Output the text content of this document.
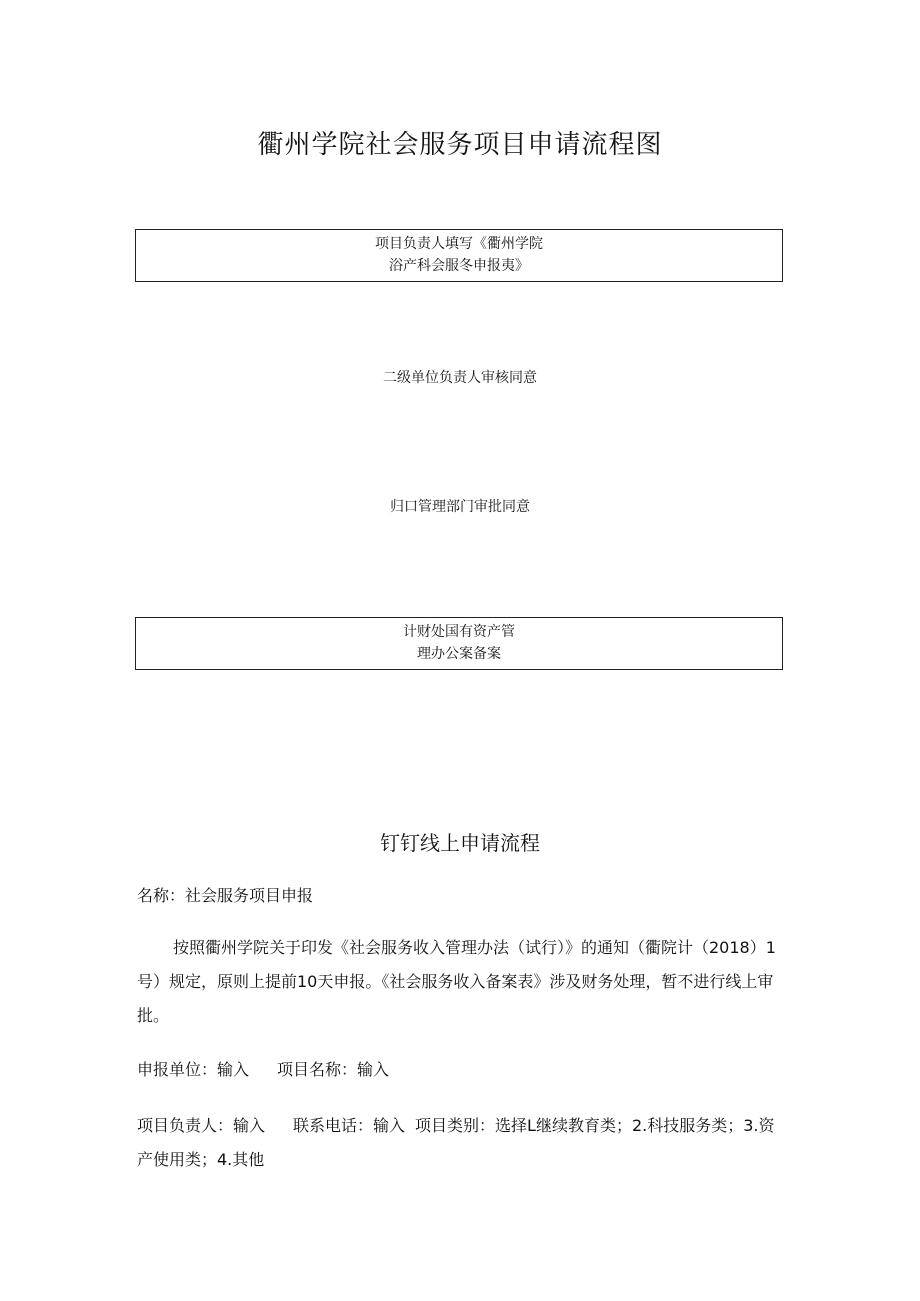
衢州学院社会服务项目申请流程图
项目负责人填写《衢州学院
浴产科会服冬申报夷》
二级单位负责人审核同意
归口管理部门审批同意
计财处国有资产管
理办公案备案
钉钉线上申请流程
名称：社会服务项目申报
按照衢州学院关于印发《社会服务收入管理办法（试行）》的通知（衢院计（2018）1号）规定，原则上提前10天申报。《社会服务收入备案表》涉及财务处理，暂不进行线上审批。
申报单位：输入 项目名称：输入
项目负责人：输入 联系电话：输入 项目类别：选择L继续教育类；2.科技服务类；3.资产使用类；4.其他
